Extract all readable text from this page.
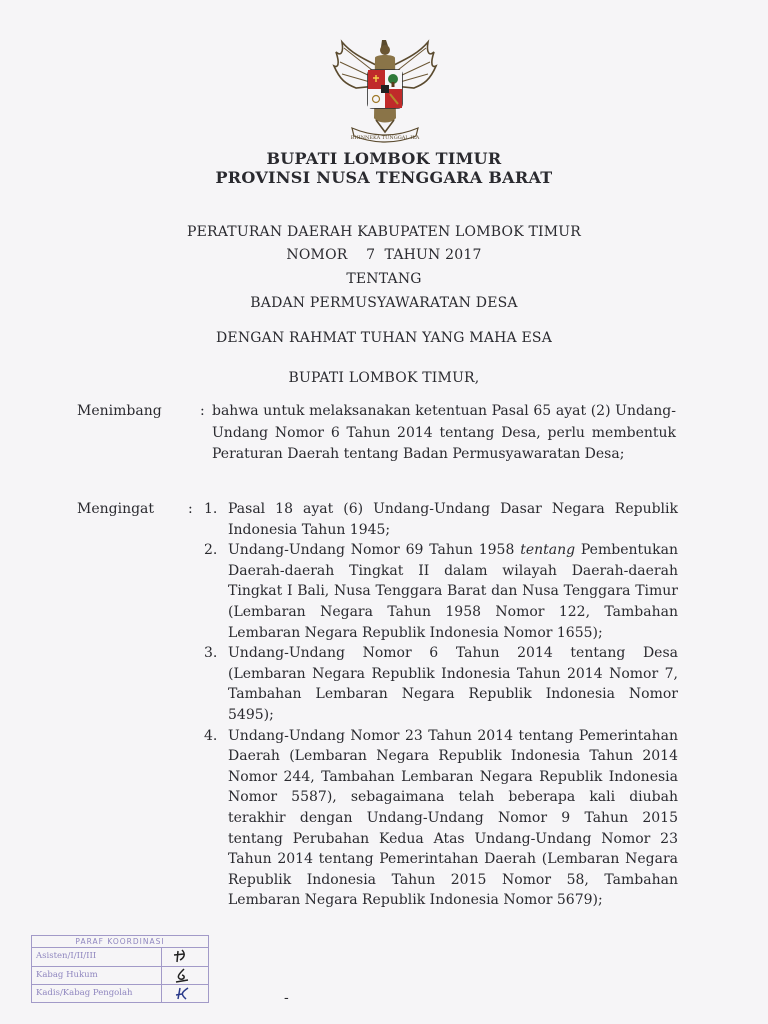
BHINNEKA TUNGGAL IKA
BUPATI LOMBOK TIMUR
PROVINSI NUSA TENGGARA BARAT
PERATURAN DAERAH KABUPATEN LOMBOK TIMUR
NOMOR 7 TAHUN 2017
TENTANG
BADAN PERMUSYAWARATAN DESA
DENGAN RAHMAT TUHAN YANG MAHA ESA
BUPATI LOMBOK TIMUR,
Menimbang	: bahwa untuk melaksanakan ketentuan Pasal 65 ayat (2) Undang-Undang Nomor 6 Tahun 2014 tentang Desa, perlu membentuk Peraturan Daerah tentang Badan Permusyawaratan Desa;
Mengingat : 1. Pasal 18 ayat (6) Undang-Undang Dasar Negara Republik Indonesia Tahun 1945;
2. Undang-Undang Nomor 69 Tahun 1958 tentang Pembentukan Daerah-daerah Tingkat II dalam wilayah Daerah-daerah Tingkat I Bali, Nusa Tenggara Barat dan Nusa Tenggara Timur (Lembaran Negara Tahun 1958 Nomor 122, Tambahan Lembaran Negara Republik Indonesia Nomor 1655);
3. Undang-Undang Nomor 6 Tahun 2014 tentang Desa (Lembaran Negara Republik Indonesia Tahun 2014 Nomor 7, Tambahan Lembaran Negara Republik Indonesia Nomor 5495);
4. Undang-Undang Nomor 23 Tahun 2014 tentang Pemerintahan Daerah (Lembaran Negara Republik Indonesia Tahun 2014 Nomor 244, Tambahan Lembaran Negara Republik Indonesia Nomor 5587), sebagaimana telah beberapa kali diubah terakhir dengan Undang-Undang Nomor 9 Tahun 2015 tentang Perubahan Kedua Atas Undang-Undang Nomor 23 Tahun 2014 tentang Pemerintahan Daerah (Lembaran Negara Republik Indonesia Tahun 2015 Nomor 58, Tambahan Lembaran Negara Republik Indonesia Nomor 5679);
PARAF KOORDINASI
Asisten/I/II/III
Kabag Hukum
Kadis/Kabag Pengolah	-
